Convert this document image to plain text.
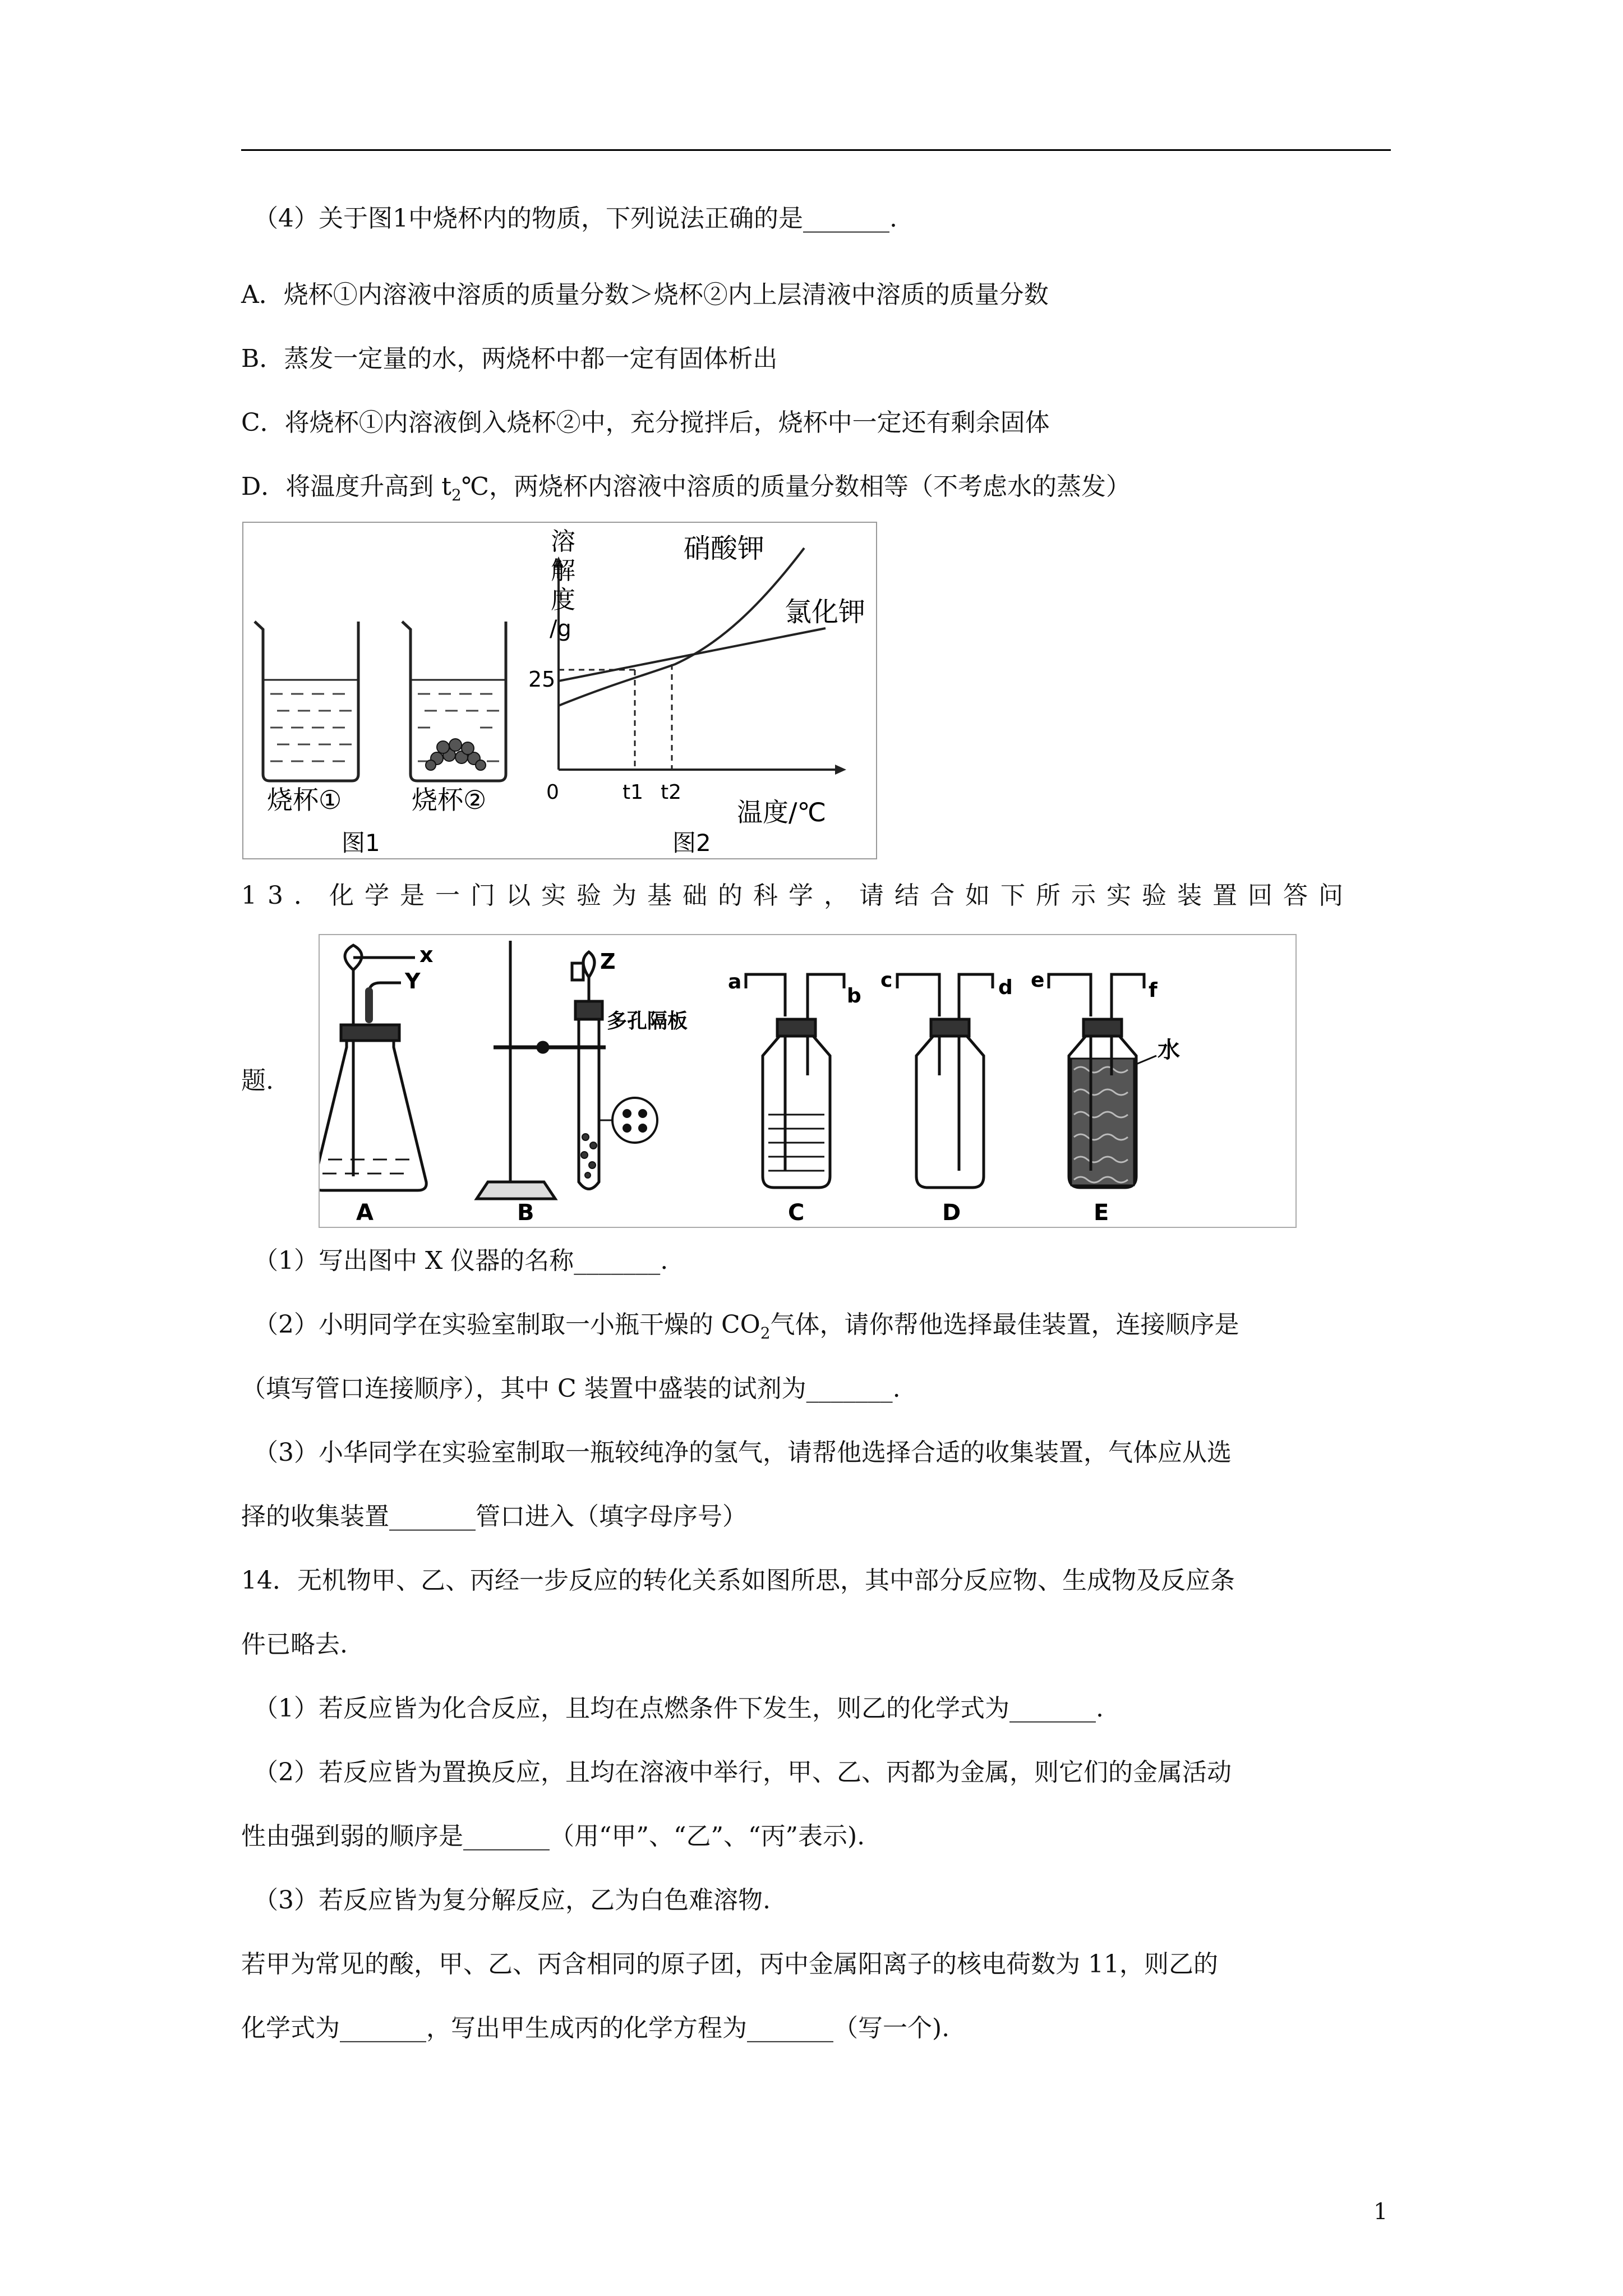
（4）关于图1中烧杯内的物质，下列说法正确的是_______.
A．烧杯①内溶液中溶质的质量分数＞烧杯②内上层清液中溶质的质量分数
B．蒸发一定量的水，两烧杯中都一定有固体析出
C．将烧杯①内溶液倒入烧杯②中，充分搅拌后，烧杯中一定还有剩余固体
D．将温度升高到 $t_2℃$，两烧杯内溶液中溶质的质量分数相等（不考虑水的蒸发）
烧杯①	烧杯②
图1
溶
解
度
/g
25
0	t1 t2
温度/℃
硝酸钾
氯化钾
图2
13．化学是一门以实验为基础的科学，请结合如下所示实验装置回答问
题.
x
Y
A
Z
多孔隔板
B
a
b
C
c	d
D
e	f
水
E
（1）写出图中 X 仪器的名称_______.
（2）小明同学在实验室制取一小瓶干燥的 $CO_2$气体，请你帮他选择最佳装置，连接顺序是
（填写管口连接顺序），其中 C 装置中盛装的试剂为_______.
（3）小华同学在实验室制取一瓶较纯净的氢气，请帮他选择合适的收集装置，气体应从选
择的收集装置_______管口进入（填字母序号）
14．无机物甲、乙、丙经一步反应的转化关系如图所思，其中部分反应物、生成物及反应条
件已略去.
（1）若反应皆为化合反应，且均在点燃条件下发生，则乙的化学式为_______.
（2）若反应皆为置换反应，且均在溶液中举行，甲、乙、丙都为金属，则它们的金属活动
性由强到弱的顺序是_______（用“甲”、“乙”、“丙”表示).
（3）若反应皆为复分解反应，乙为白色难溶物.
若甲为常见的酸，甲、乙、丙含相同的原子团，丙中金属阳离子的核电荷数为 11，则乙的
化学式为_______，写出甲生成丙的化学方程为_______（写一个).
1
